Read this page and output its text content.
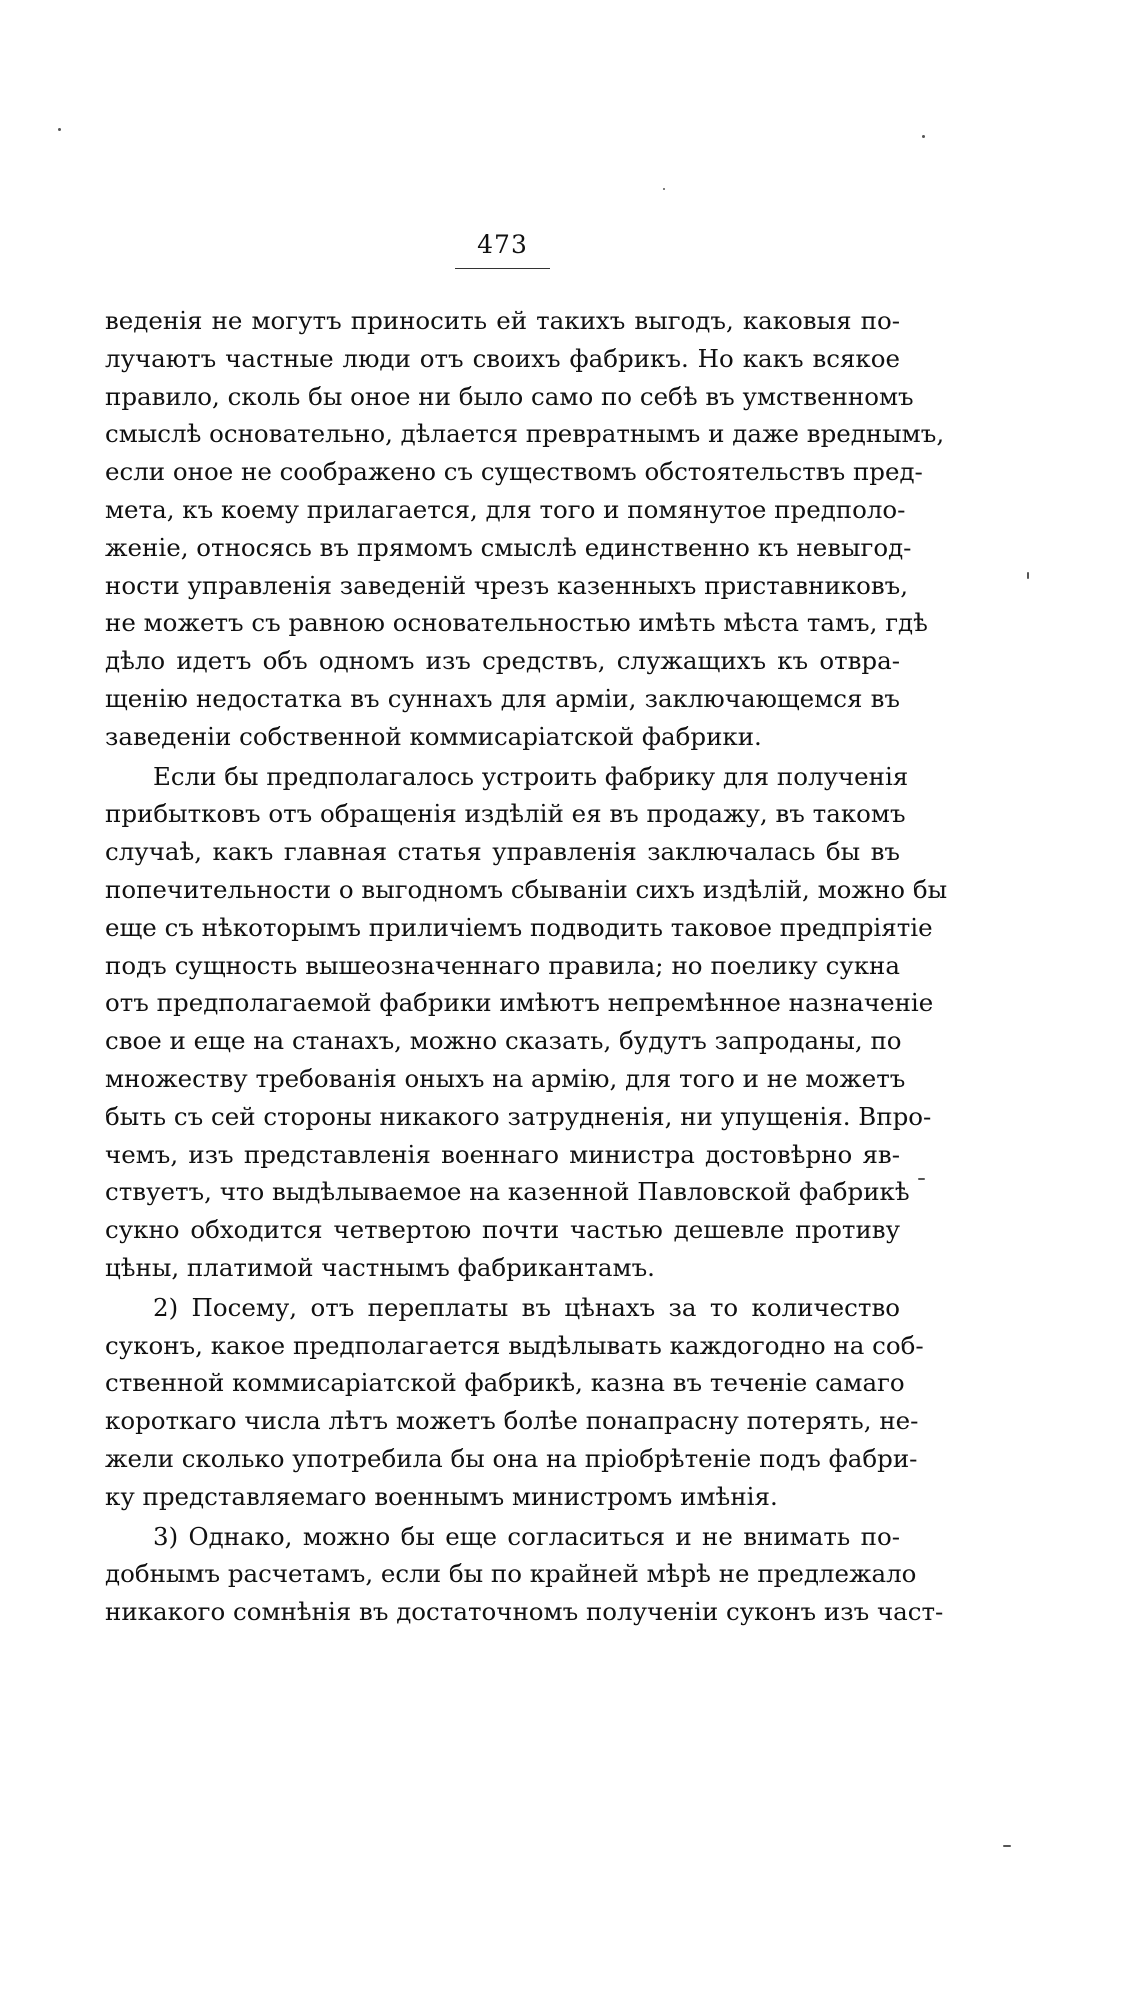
473
веденія не могутъ приносить ей такихъ выгодъ, каковыя по-
лучаютъ частные люди отъ своихъ фабрикъ. Но какъ всякое
правило, сколь бы оное ни было само по себѣ въ умственномъ
смыслѣ основательно, дѣлается превратнымъ и даже вреднымъ,
если оное не соображено съ существомъ обстоятельствъ пред-
мета, къ коему прилагается, для того и помянутое предполо-
женіе, относясь въ прямомъ смыслѣ единственно къ невыгод-
ности управленія заведеній чрезъ казенныхъ приставниковъ,
не можетъ съ равною основательностью имѣть мѣста тамъ, гдѣ
дѣло идетъ объ одномъ изъ средствъ, служащихъ къ отвра-
щенію недостатка въ суннахъ для арміи, заключающемся въ
заведеніи собственной коммисаріатской фабрики.
Если бы предполагалось устроить фабрику для полученія
прибытковъ отъ обращенія издѣлій ея въ продажу, въ такомъ
случаѣ, какъ главная статья управленія заключалась бы въ
попечительности о выгодномъ сбываніи сихъ издѣлій, можно бы
еще съ нѣкоторымъ приличіемъ подводить таковое предпріятіе
подъ сущность вышеозначеннаго правила; но поелику сукна
отъ предполагаемой фабрики имѣютъ непремѣнное назначеніе
свое и еще на станахъ, можно сказать, будутъ запроданы, по
множеству требованія оныхъ на армію, для того и не можетъ
быть съ сей стороны никакого затрудненія, ни упущенія. Впро-
чемъ, изъ представленія военнаго министра достовѣрно яв-
ствуетъ, что выдѣлываемое на казенной Павловской фабрикѣ
сукно обходится четвертою почти частью дешевле противу
цѣны, платимой частнымъ фабрикантамъ.
2) Посему, отъ переплаты въ цѣнахъ за то количество
суконъ, какое предполагается выдѣлывать каждогодно на соб-
ственной коммисаріатской фабрикѣ, казна въ теченіе самаго
короткаго числа лѣтъ можетъ болѣе понапрасну потерять, не-
жели сколько употребила бы она на пріобрѣтеніе подъ фабри-
ку представляемаго военнымъ министромъ имѣнія.
3) Однако, можно бы еще согласиться и не внимать по-
добнымъ расчетамъ, если бы по крайней мѣрѣ не предлежало
никакого сомнѣнія въ достаточномъ полученіи суконъ изъ част-
